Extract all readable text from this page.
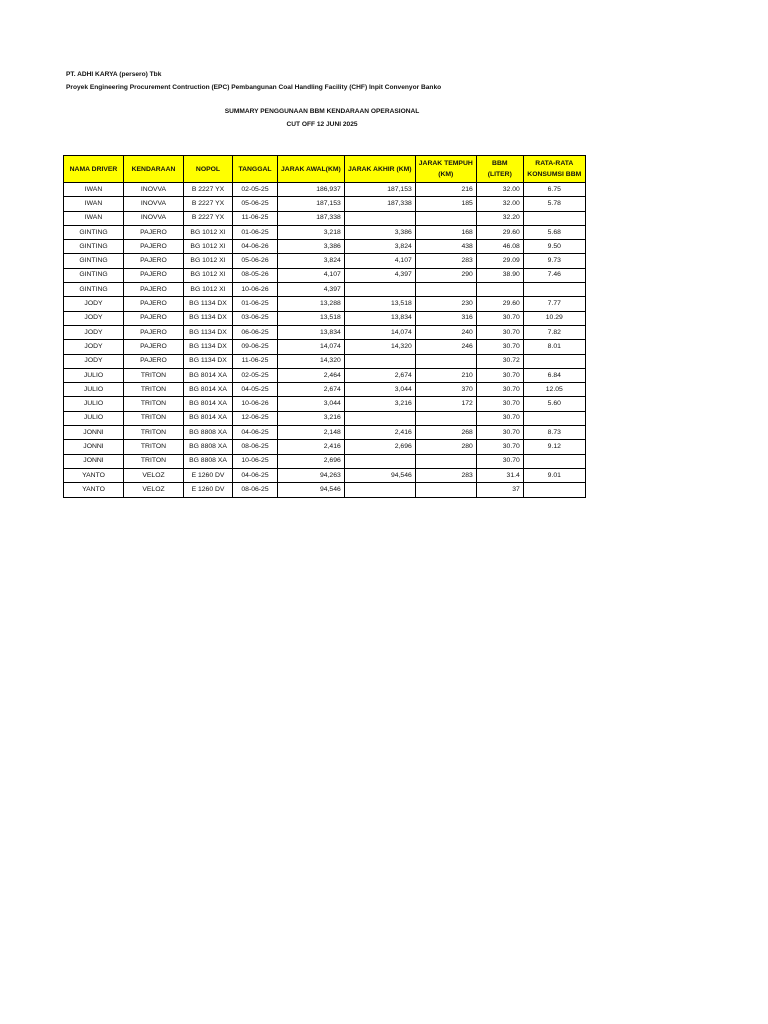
PT. ADHI KARYA (persero) Tbk
Proyek Engineering Procurement Contruction (EPC) Pembangunan Coal Handling Facility (CHF) Inpit Convenyor Banko
SUMMARY PENGGUNAAN BBM KENDARAAN OPERASIONAL
CUT OFF 12 JUNI 2025
NAMA DRIVER	KENDARAAN	NOPOL	TANGGAL	JARAK AWAL(KM)	JARAK AKHIR (KM)	JARAK TEMPUH (KM)	BBM (LITER)	RATA-RATA KONSUMSI BBM
IWAN	INOVVA	B 2227 YX	02-05-25	186,937	187,153	216	32.00	6.75
IWAN	INOVVA	B 2227 YX	05-06-25	187,153	187,338	185	32.00	5.78
IWAN	INOVVA	B 2227 YX	11-06-25	187,338			32.20	
GINTING	PAJERO	BG 1012 XI	01-06-25	3,218	3,386	168	29.60	5.68
GINTING	PAJERO	BG 1012 XI	04-06-26	3,386	3,824	438	46.08	9.50
GINTING	PAJERO	BG 1012 XI	05-06-26	3,824	4,107	283	29.09	9.73
GINTING	PAJERO	BG 1012 XI	08-05-26	4,107	4,397	290	38.90	7.46
GINTING	PAJERO	BG 1012 XI	10-06-26	4,397				
JODY	PAJERO	BG 1134 DX	01-06-25	13,288	13,518	230	29.60	7.77
JODY	PAJERO	BG 1134 DX	03-06-25	13,518	13,834	316	30.70	10.29
JODY	PAJERO	BG 1134 DX	06-06-25	13,834	14,074	240	30.70	7.82
JODY	PAJERO	BG 1134 DX	09-06-25	14,074	14,320	246	30.70	8.01
JODY	PAJERO	BG 1134 DX	11-06-25	14,320			30.72	
JULIO	TRITON	BG 8014 XA	02-05-25	2,464	2,674	210	30.70	6.84
JULIO	TRITON	BG 8014 XA	04-05-25	2,674	3,044	370	30.70	12.05
JULIO	TRITON	BG 8014 XA	10-06-26	3,044	3,216	172	30.70	5.60
JULIO	TRITON	BG 8014 XA	12-06-25	3,216			30.70	
JONNI	TRITON	BG 8808 XA	04-06-25	2,148	2,416	268	30.70	8.73
JONNI	TRITON	BG 8808 XA	08-06-25	2,416	2,696	280	30.70	9.12
JONNI	TRITON	BG 8808 XA	10-06-25	2,696			30.70	
YANTO	VELOZ	E 1260 DV	04-06-25	94,263	94,546	283	31.4	9.01
YANTO	VELOZ	E 1260 DV	08-06-25	94,546			37	
